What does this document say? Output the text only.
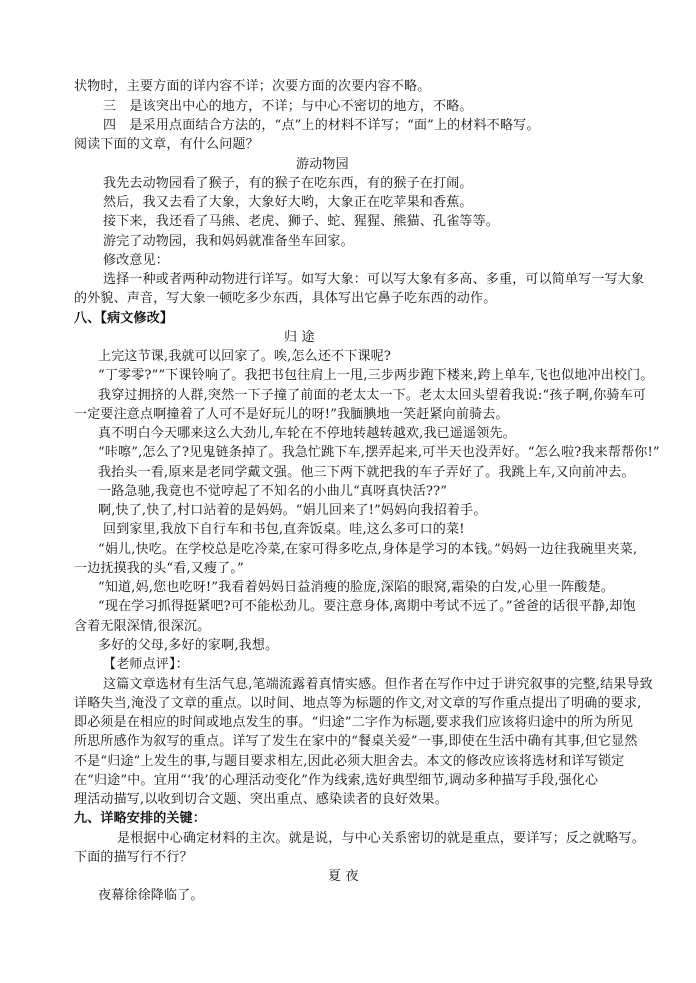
状物时，主要方面的详内容不详；次要方面的次要内容不略。
三　是该突出中心的地方，不详；与中心不密切的地方，不略。
四　是采用点面结合方法的，“点”上的材料不详写；“面”上的材料不略写。
阅读下面的文章，有什么问题？
游动物园
我先去动物园看了猴子，有的猴子在吃东西，有的猴子在打闹。
然后，我又去看了大象，大象好大哟，大象正在吃苹果和香蕉。
接下来，我还看了马熊、老虎、狮子、蛇、猩猩、熊猫、孔雀等等。
游完了动物园，我和妈妈就准备坐车回家。
修改意见：
选择一种或者两种动物进行详写。如写大象：可以写大象有多高、多重，可以简单写一写大象
的外貌、声音，写大象一顿吃多少东西，具体写出它鼻子吃东西的动作。
八、【病文修改】
归 途
上完这节课,我就可以回家了。唉,怎么还不下课呢?
“丁零零?””下课铃响了。我把书包往肩上一甩,三步两步跑下楼来,跨上单车,飞也似地冲出校门。
我穿过拥挤的人群,突然一下子撞了前面的老太太一下。老太太回头望着我说:“孩子啊,你骑车可
一定要注意点啊撞着了人可不是好玩儿的呀!”我腼腆地一笑赶紧向前骑去。
真不明白今天哪来这么大劲儿,车轮在不停地转越转越欢,我已遥遥领先。
“咔嚓”,怎么了?见鬼链条掉了。我急忙跳下车,摆弄起来,可半天也没弄好。“怎么啦?我来帮帮你!”
我抬头一看,原来是老同学戴文强。他三下两下就把我的车子弄好了。我跳上车,又向前冲去。
一路急驰,我竟也不觉哼起了不知名的小曲儿“真呀真快活??”
啊,快了,快了,村口站着的是妈妈。“娟儿回来了!”妈妈向我招着手。
回到家里,我放下自行车和书包,直奔饭桌。哇,这么多可口的菜!
“娟儿,快吃。在学校总是吃冷菜,在家可得多吃点,身体是学习的本钱。”妈妈一边往我碗里夹菜,
一边抚摸我的头“看,又瘦了。”
“知道,妈,您也吃呀!”我看着妈妈日益消瘦的脸庞,深陷的眼窝,霜染的白发,心里一阵酸楚。
“现在学习抓得挺紧吧?可不能松劲儿。要注意身体,离期中考试不远了。”爸爸的话很平静,却饱
含着无限深情,很深沉。
多好的父母,多好的家啊,我想。
【老师点评】：
这篇文章选材有生活气息,笔端流露着真情实感。但作者在写作中过于讲究叙事的完整,结果导致
详略失当,淹没了文章的重点。以时间、地点等为标题的作文,对文章的写作重点提出了明确的要求,
即必须是在相应的时间或地点发生的事。“归途”二字作为标题,要求我们应该将归途中的所为所见
所思所感作为叙写的重点。详写了发生在家中的“餐桌关爱”一事,即使在生活中确有其事,但它显然
不是“归途”上发生的事,与题目要求相左,因此必须大胆舍去。本文的修改应该将选材和详写锁定
在“归途”中。宜用“‘我’的心理活动变化”作为线索,选好典型细节,调动多种描写手段,强化心
理活动描写,以收到切合文题、突出重点、感染读者的良好效果。
九、详略安排的关键：
是根据中心确定材料的主次。就是说，与中心关系密切的就是重点，要详写；反之就略写。
下面的描写行不行？
夏 夜
夜幕徐徐降临了。
